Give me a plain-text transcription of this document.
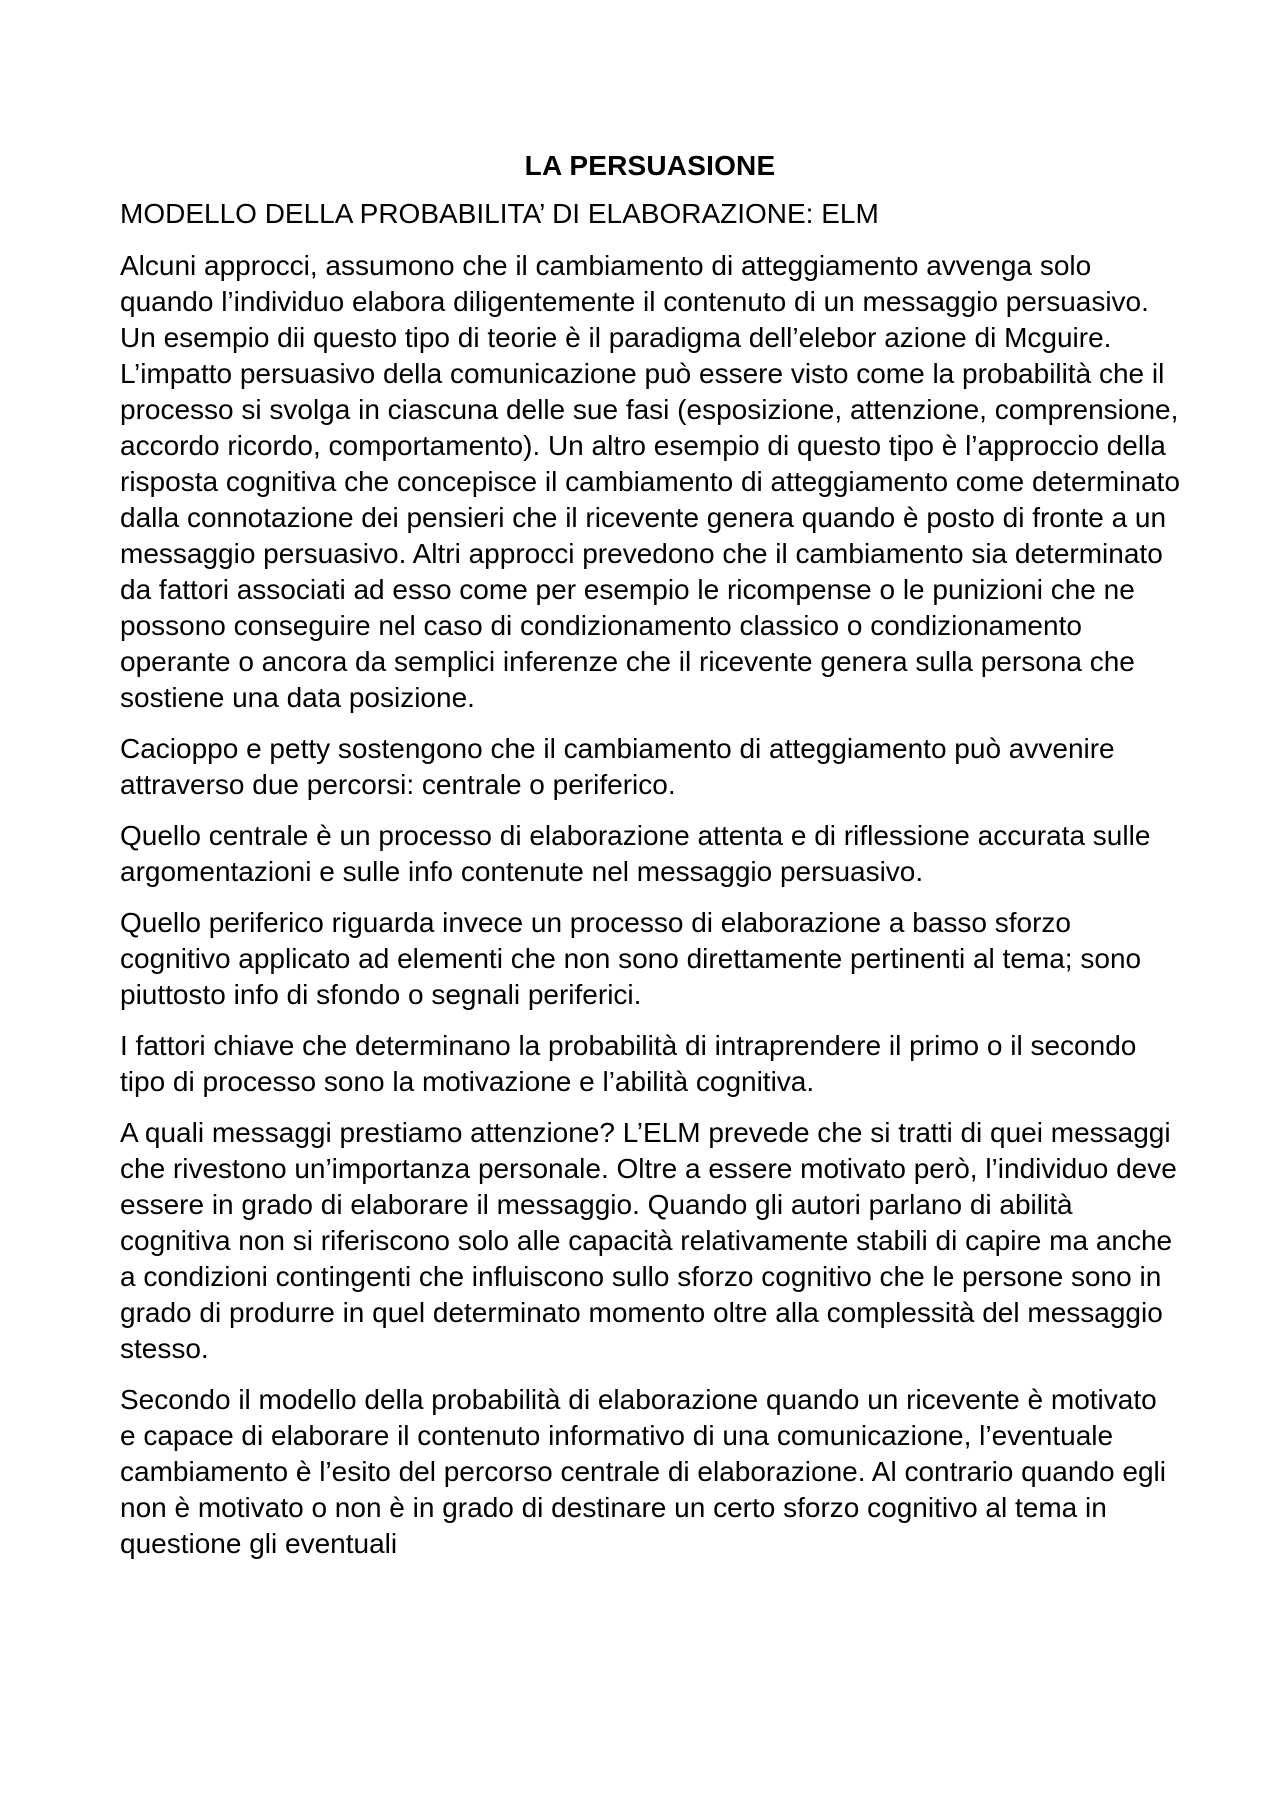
LA PERSUASIONE
MODELLO DELLA PROBABILITA’ DI ELABORAZIONE: ELM

Alcuni approcci, assumono che il cambiamento di atteggiamento avvenga solo quando l’individuo elabora diligentemente il contenuto di un messaggio persuasivo. Un esempio dii questo tipo di teorie è il paradigma dell’elebor azione di Mcguire. L’impatto persuasivo della comunicazione può essere visto come la probabilità che il processo si svolga in ciascuna delle sue fasi (esposizione, attenzione, comprensione, accordo ricordo, comportamento). Un altro esempio di questo tipo è l’approccio della risposta cognitiva che concepisce il cambiamento di atteggiamento come determinato dalla connotazione dei pensieri che il ricevente genera quando è posto di fronte a un messaggio persuasivo. Altri approcci prevedono che il cambiamento sia determinato da fattori associati ad esso come per esempio le ricompense o le punizioni che ne possono conseguire nel caso di condizionamento classico o condizionamento operante o ancora da semplici inferenze che il ricevente genera sulla persona che sostiene una data posizione.

Cacioppo e petty sostengono che il cambiamento di atteggiamento può avvenire attraverso due percorsi: centrale o periferico.

Quello centrale è un processo di elaborazione attenta e di riflessione accurata sulle argomentazioni e sulle info contenute nel messaggio persuasivo.

Quello periferico riguarda invece un processo di elaborazione a basso sforzo cognitivo applicato ad elementi che non sono direttamente pertinenti al tema; sono piuttosto info di sfondo o segnali periferici.

I fattori chiave che determinano la probabilità di intraprendere il primo o il secondo tipo di processo sono la motivazione e l’abilità cognitiva.

A quali messaggi prestiamo attenzione? L’ELM prevede che si tratti di quei messaggi che rivestono un’importanza personale. Oltre a essere motivato però, l’individuo deve essere in grado di elaborare il messaggio. Quando gli autori parlano di abilità cognitiva non si riferiscono solo alle capacità relativamente stabili di capire ma anche a condizioni contingenti che influiscono sullo sforzo cognitivo che le persone sono in grado di produrre in quel determinato momento oltre alla complessità del messaggio stesso.

Secondo il modello della probabilità di elaborazione quando un ricevente è motivato e capace di elaborare il contenuto informativo di una comunicazione, l’eventuale cambiamento è l’esito del percorso centrale di elaborazione. Al contrario quando egli non è motivato o non è in grado di destinare un certo sforzo cognitivo al tema in questione gli eventuali
